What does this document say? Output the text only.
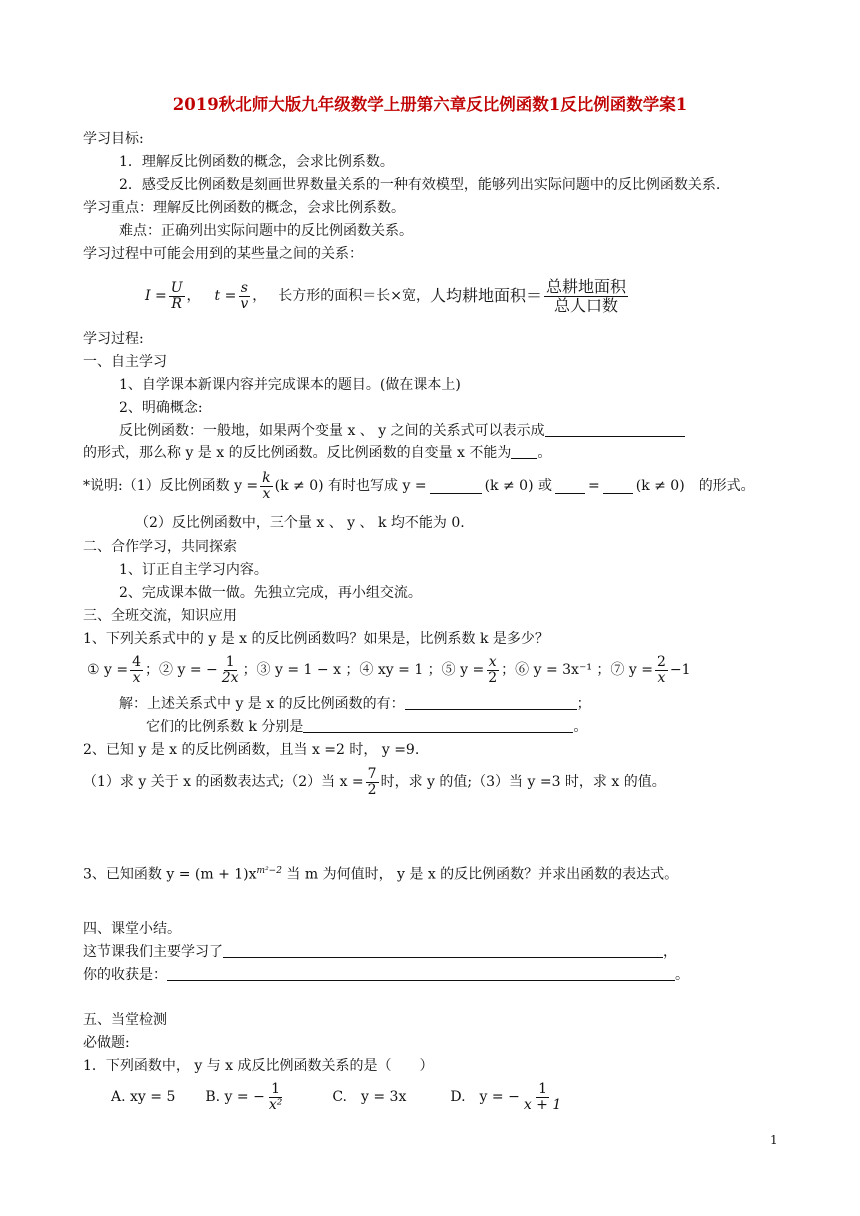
2019秋北师大版九年级数学上册第六章反比例函数1反比例函数学案1
学习目标:
1．理解反比例函数的概念，会求比例系数。
2．感受反比例函数是刻画世界数量关系的一种有效模型，能够列出实际问题中的反比例函数关系.
学习重点：理解反比例函数的概念，会求比例系数。
难点：正确列出实际问题中的反比例函数关系。
学习过程中可能会用到的某些量之间的关系：
$I = \frac{U}{R}$ ， $t = \frac{s}{v}$ ， 长方形的面积＝长×宽， 人均耕地面积＝ $\frac{\text{总耕地面积}}{\text{总人口数}}$
学习过程:
一、自主学习
1、自学课本新课内容并完成课本的题目。(做在课本上)
2、明确概念:
反比例函数：一般地，如果两个变量 x 、 y 之间的关系式可以表示成
的形式，那么称 y 是 x 的反比例函数。反比例函数的自变量 x 不能为 。
*说明:（1）反比例函数 $y = \frac{k}{x} (k \ne 0)$ 有时也写成 y =	(k ≠ 0) 或	=	(k ≠ 0) 的形式。
（2）反比例函数中，三个量 x 、 y 、 k 均不能为 0.
二、合作学习，共同探索
1、订正自主学习内容。
2、完成课本做一做。先独立完成，再小组交流。
三、全班交流，知识应用
1、下列关系式中的 y 是 x 的反比例函数吗？如果是，比例系数 k 是多少？
① $y = \frac{4}{x}$ ；② y = − $\frac{1}{2x}$ ；③ y = 1 − x ；④ xy = 1 ；⑤ $y = \frac{x}{2}$ ；⑥ y = 3x⁻¹ ；⑦ $y = \frac{2}{x} -1$
解：上述关系式中 y 是 x 的反比例函数的有：	；
它们的比例系数 k 分别是	。
2、已知 y 是 x 的反比例函数，且当 x =2 时， y =9.
（1）求 y 关于 x 的函数表达式;（2）当 $x = \frac{7}{2}$ 时，求 y 的值;（3）当 y =3 时，求 x 的值。
3、已知函数 $y = (m + 1)x^{m^2-2}$ 当 m 为何值时， y 是 x 的反比例函数？并求出函数的表达式。
四、课堂小结。
这节课我们主要学习了	，
你的收获是：	。
五、当堂检测
必做题:
1．下列函数中， y 与 x 成反比例函数关系的是（　　）
A. xy = 5 B. y = − $\frac{1}{\text{x²}}$	C.　y = 3x	D.　y = − $\frac{1}{x + 1}$
1
